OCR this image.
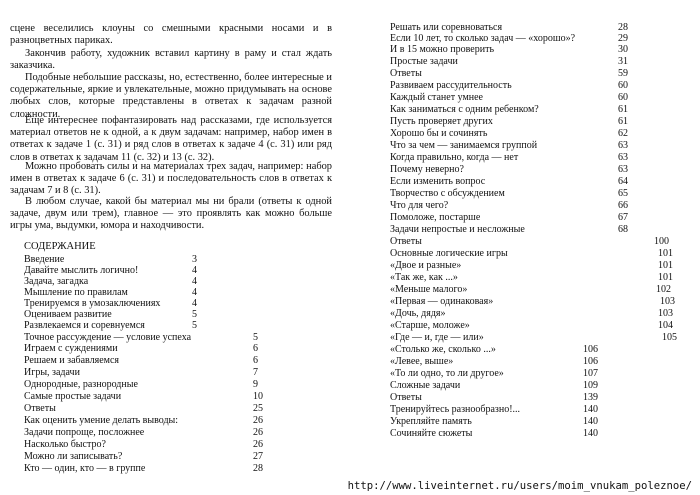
сцене веселились клоуны со смешными красными носами и в разноцветных париках.

Закончив работу, художник вставил картину в раму и стал ждать заказчика.

Подобные небольшие рассказы, но, естественно, более интересные и содержательные, яркие и увлекательные, можно придумывать на основе любых слов, которые представлены в ответах к задачам разной сложности.

Еще интереснее пофантазировать над рассказами, где используется материал ответов не к одной, а к двум задачам: например, набор имен в ответах к задаче 1 (с. 31) и ряд слов в ответах к задаче 4 (с. 31) или ряд слов в ответах к задачам 11 (с. 32) и 13 (с. 32).

Можно пробовать силы и на материалах трех задач, например: набор имен в ответах к задаче 6 (с. 31) и последовательность слов в ответах к задачам 7 и 8 (с. 31).

В любом случае, какой бы материал мы ни брали (ответы к одной задаче, двум или трем), главное — это проявлять как можно больше игры ума, выдумки, юмора и находчивости.

СОДЕРЖАНИЕ
Введение	3
Давайте мыслить логично!	4
Задача, загадка	4
Мышление по правилам	4
Тренируемся в умозаключениях	4
Оцениваем развитие	5
Развлекаемся и соревнуемся	5
Точное рассуждение — условие успеха	5
Играем с суждениями	6
Решаем и забавляемся	6
Игры, задачи	7
Однородные, разнородные	9
Самые простые задачи	10
Ответы	25
Как оценить умение делать выводы:	26
Задачи попроще, посложнее	26
Насколько быстро?	26
Можно ли записывать?	27
Кто — один, кто — в группе	28
Решать или соревноваться	28
Если 10 лет, то сколько задач — «хорошо»?	29
И в 15 можно проверить	30
Простые задачи	31
Ответы	59
Развиваем рассудительность	60
Каждый станет умнее	60
Как заниматься с одним ребенком?	61
Пусть проверяет других	61
Хорошо бы и сочинять	62
Что за чем — занимаемся группой	63
Когда правильно, когда — нет	63
Почему неверно?	63
Если изменить вопрос	64
Творчество с обсуждением	65
Что для чего?	66
Помоложе, постарше	67
Задачи непростые и несложные	68
Ответы	100
Основные логические игры	101
«Двое и разные»	101
«Так же, как ...»	101
«Меньше малого»	102
«Первая — одинаковая»	103
«Дочь, дядя»	103
«Старше, моложе»	104
«Где — и, где — или»	105
«Столько же, сколько ...»	106
«Левее, выше»	106
«То ли одно, то ли другое»	107
Сложные задачи	109
Ответы	139
Тренируйтесь разнообразно!...	140
Укрепляйте память	140
Сочиняйте сюжеты	140
http://www.liveinternet.ru/users/moim_vnukam_poleznoe/
